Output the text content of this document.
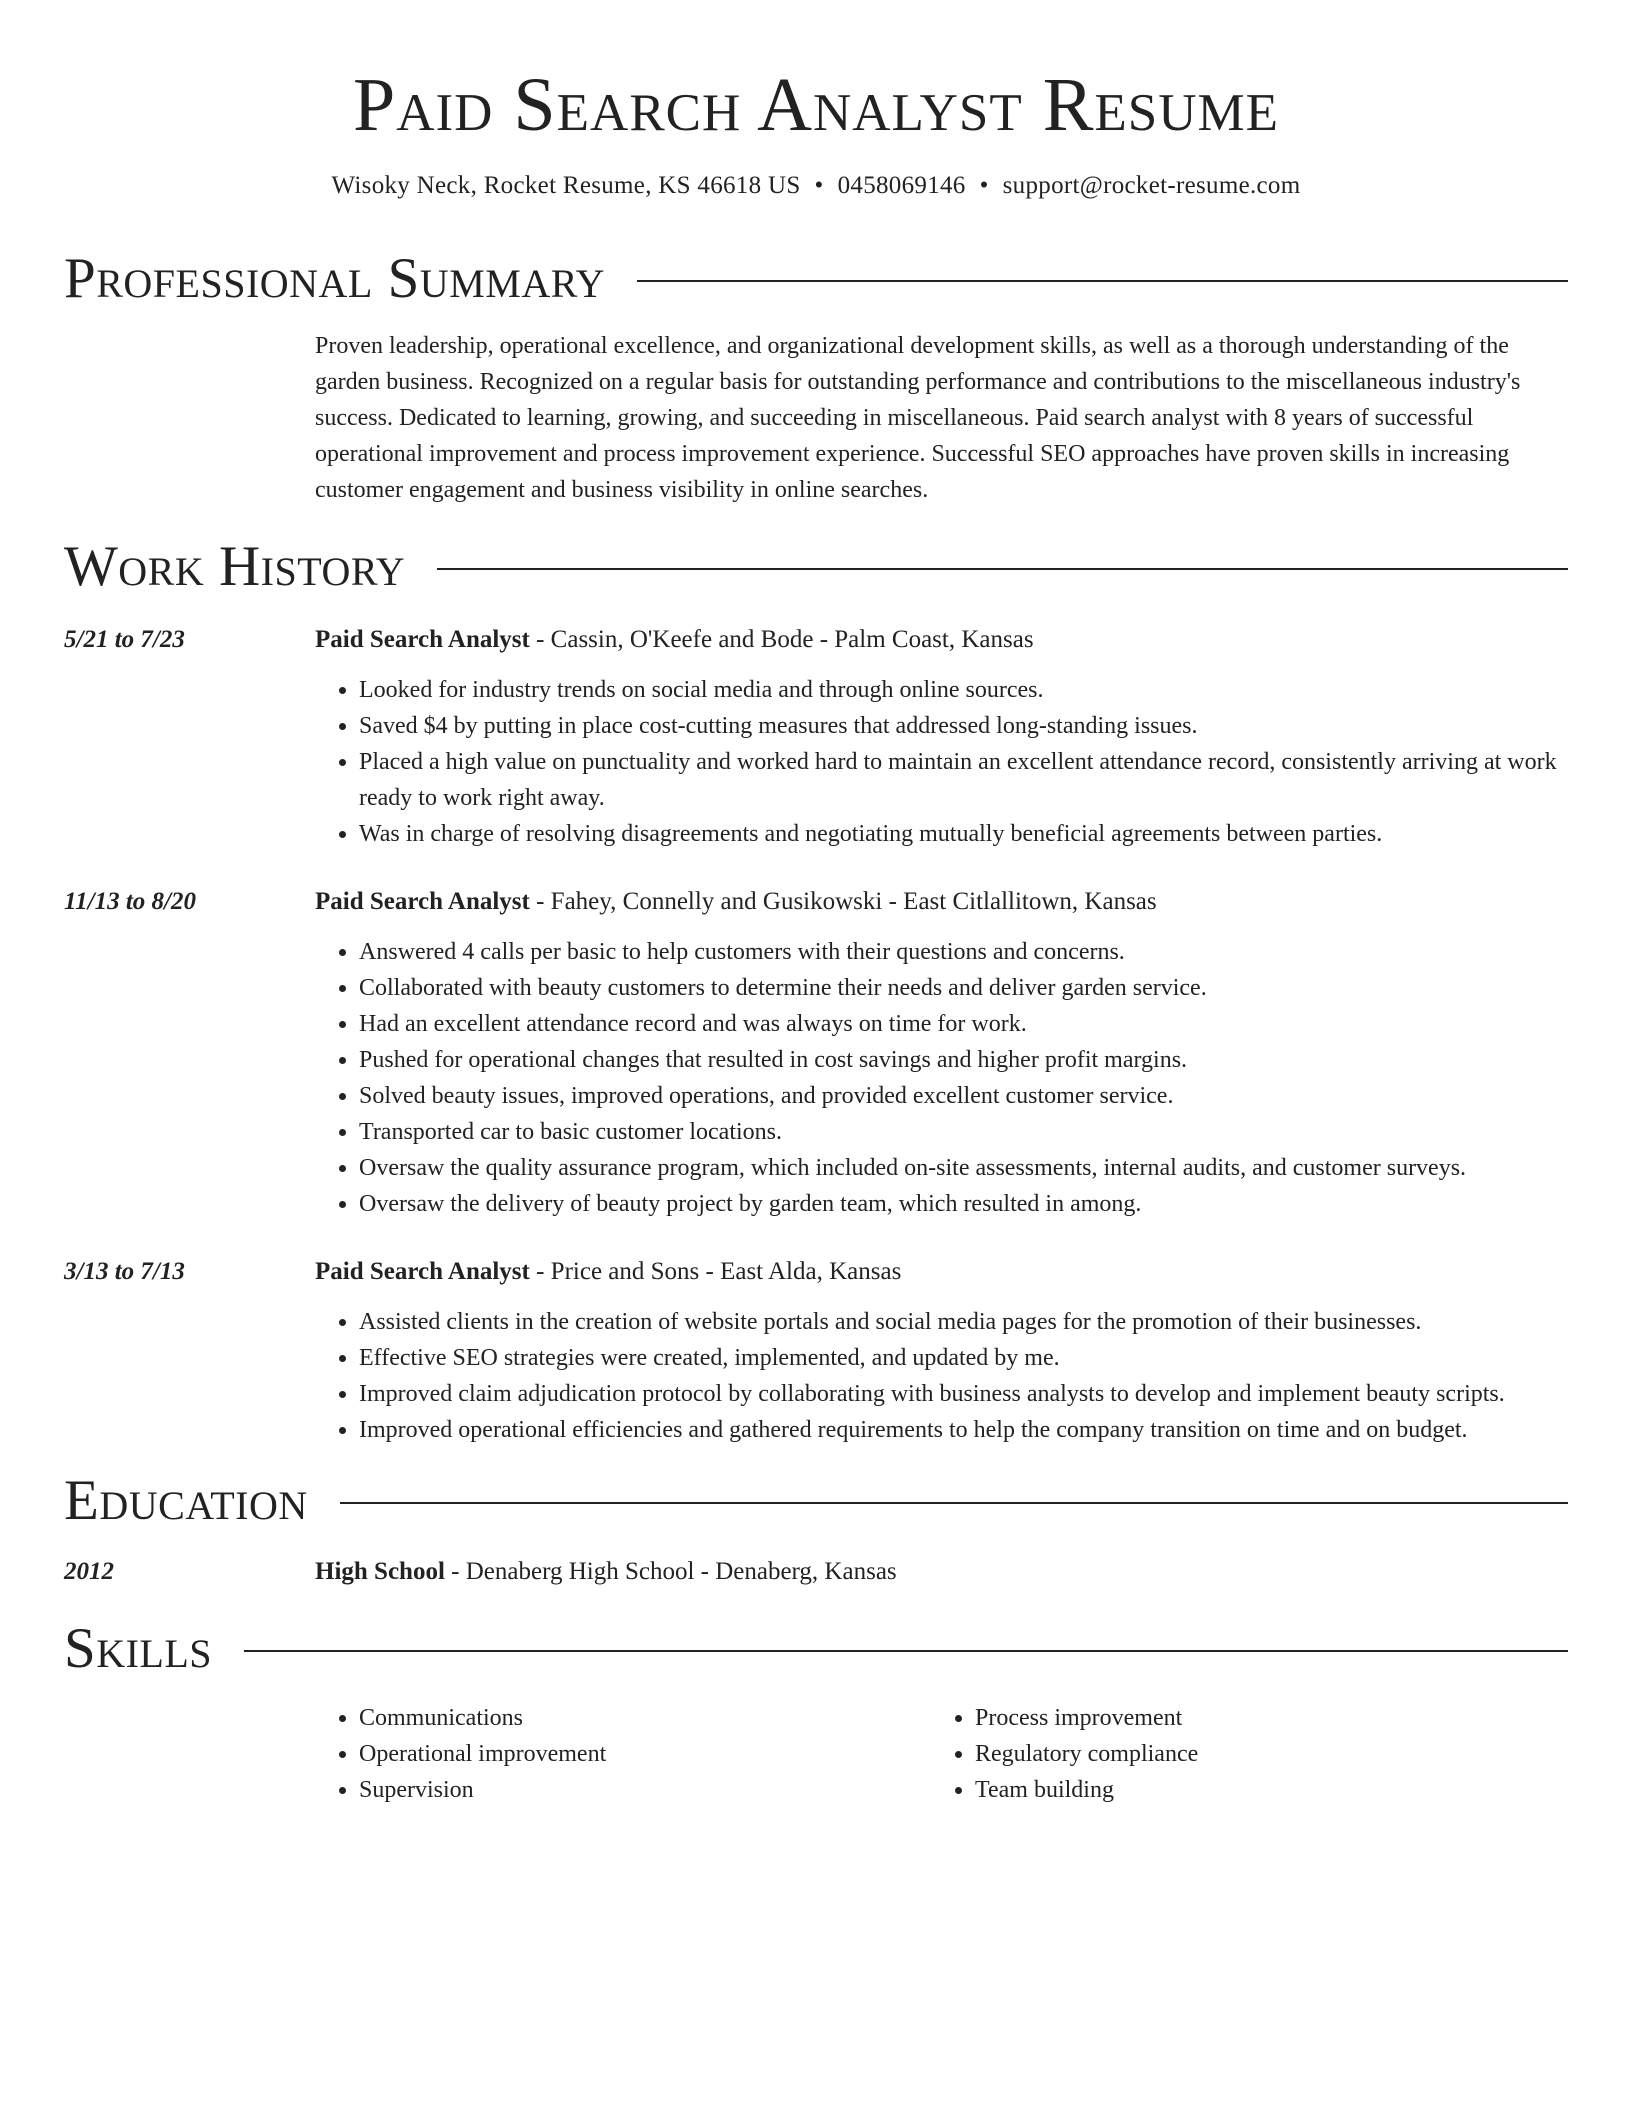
Paid Search Analyst Resume
Wisoky Neck, Rocket Resume, KS 46618 US • 0458069146 • support@rocket-resume.com
Professional Summary
Proven leadership, operational excellence, and organizational development skills, as well as a thorough understanding of the garden business. Recognized on a regular basis for outstanding performance and contributions to the miscellaneous industry's success. Dedicated to learning, growing, and succeeding in miscellaneous. Paid search analyst with 8 years of successful operational improvement and process improvement experience. Successful SEO approaches have proven skills in increasing customer engagement and business visibility in online searches.
Work History
5/21 to 7/23	Paid Search Analyst - Cassin, O'Keefe and Bode - Palm Coast, Kansas
• Looked for industry trends on social media and through online sources.
• Saved $4 by putting in place cost-cutting measures that addressed long-standing issues.
• Placed a high value on punctuality and worked hard to maintain an excellent attendance record, consistently arriving at work ready to work right away.
• Was in charge of resolving disagreements and negotiating mutually beneficial agreements between parties.
11/13 to 8/20	Paid Search Analyst - Fahey, Connelly and Gusikowski - East Citlallitown, Kansas
• Answered 4 calls per basic to help customers with their questions and concerns.
• Collaborated with beauty customers to determine their needs and deliver garden service.
• Had an excellent attendance record and was always on time for work.
• Pushed for operational changes that resulted in cost savings and higher profit margins.
• Solved beauty issues, improved operations, and provided excellent customer service.
• Transported car to basic customer locations.
• Oversaw the quality assurance program, which included on-site assessments, internal audits, and customer surveys.
• Oversaw the delivery of beauty project by garden team, which resulted in among.
3/13 to 7/13	Paid Search Analyst - Price and Sons - East Alda, Kansas
• Assisted clients in the creation of website portals and social media pages for the promotion of their businesses.
• Effective SEO strategies were created, implemented, and updated by me.
• Improved claim adjudication protocol by collaborating with business analysts to develop and implement beauty scripts.
• Improved operational efficiencies and gathered requirements to help the company transition on time and on budget.
Education
2012	High School - Denaberg High School - Denaberg, Kansas
Skills
• Communications
• Operational improvement
• Supervision
• Process improvement
• Regulatory compliance
• Team building
